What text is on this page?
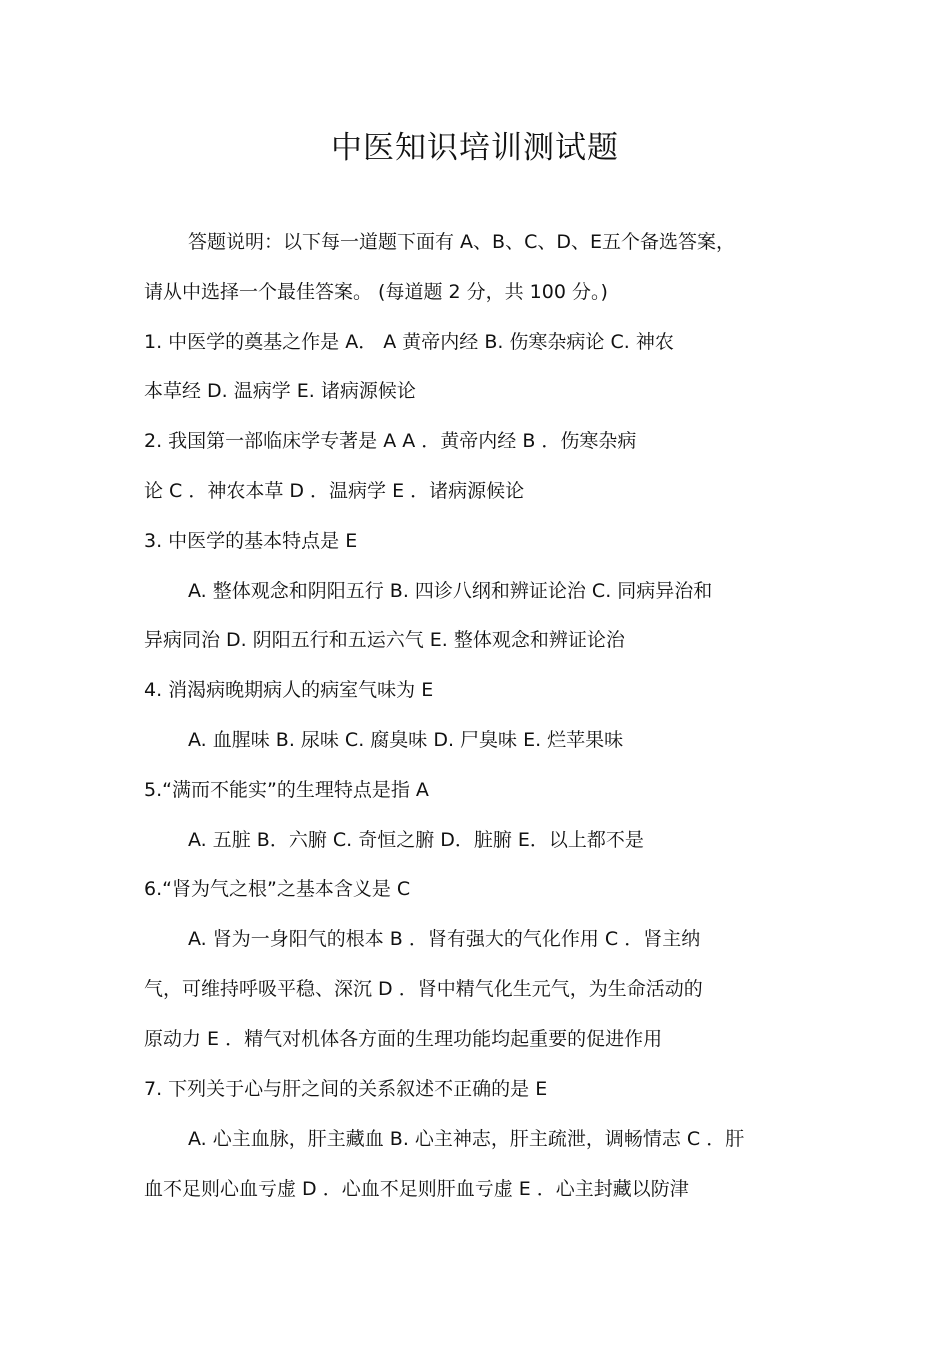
中医知识培训测试题
答题说明：以下每一道题下面有 A、B、C、D、E五个备选答案，
请从中选择一个最佳答案。 (每道题 2 分，共 100 分。)
1. 中医学的奠基之作是 A． A 黄帝内经 B. 伤寒杂病论 C. 神农
本草经 D. 温病学 E. 诸病源候论
2. 我国第一部临床学专著是 A A ．黄帝内经 B ．伤寒杂病
论 C ．神农本草 D ．温病学 E ．诸病源候论
3. 中医学的基本特点是 E
A. 整体观念和阴阳五行 B. 四诊八纲和辨证论治 C. 同病异治和
异病同治 D. 阴阳五行和五运六气 E. 整体观念和辨证论治
4. 消渴病晚期病人的病室气味为 E
A. 血腥味 B. 尿味 C. 腐臭味 D. 尸臭味 E. 烂苹果味
5.“满而不能实”的生理特点是指 A
A. 五脏 B．六腑 C. 奇恒之腑 D．脏腑 E．以上都不是
6.“肾为气之根”之基本含义是 C
A. 肾为一身阳气的根本 B ．肾有强大的气化作用 C ．肾主纳
气，可维持呼吸平稳、深沉 D ．肾中精气化生元气，为生命活动的
原动力 E ．精气对机体各方面的生理功能均起重要的促进作用
7. 下列关于心与肝之间的关系叙述不正确的是 E
A. 心主血脉，肝主藏血 B. 心主神志，肝主疏泄，调畅情志 C ．肝
血不足则心血亏虚 D ．心血不足则肝血亏虚 E ．心主封藏以防津
